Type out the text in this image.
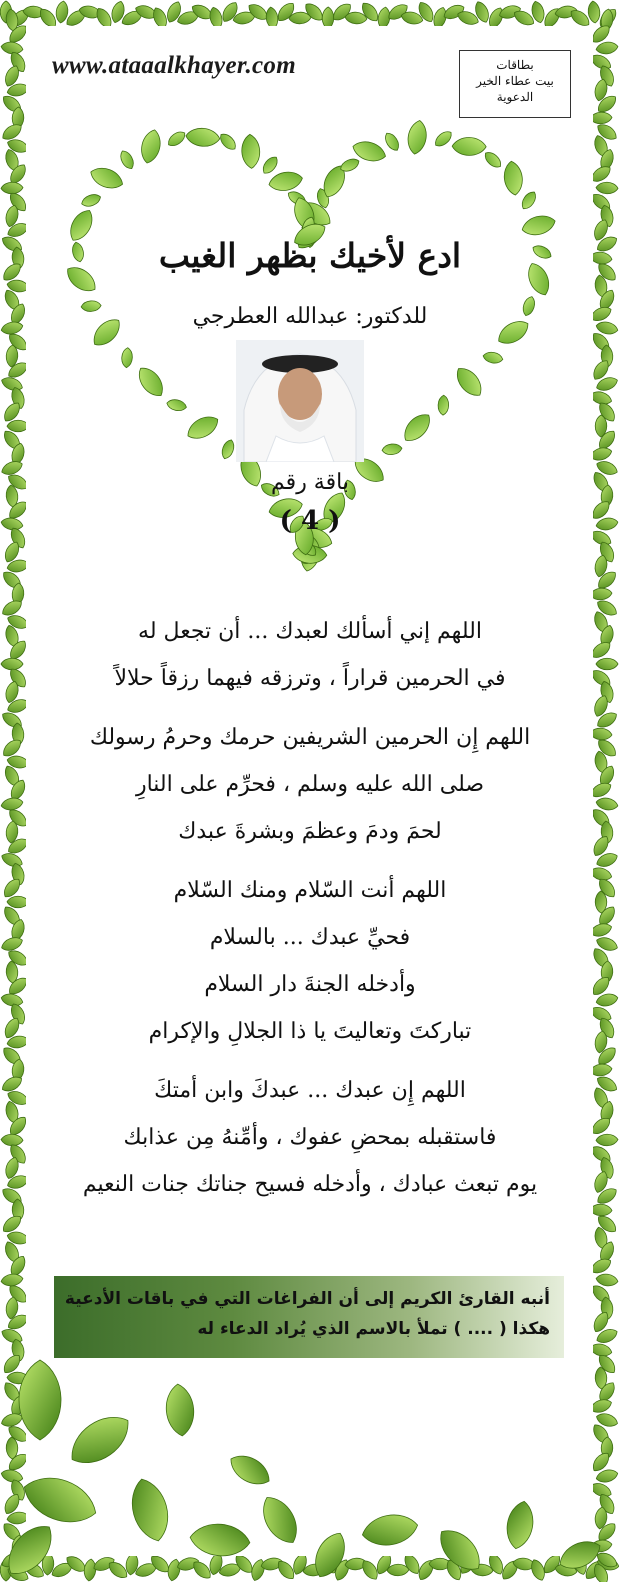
www.ataaalkhayer.com	بطاقات
بيت عطاء الخير
الدعوية
ادع لأخيك بظهر الغيب
للدكتور: عبدالله العطرجي
باقة رقم
( 4 )
اللهم إني أسألك لعبدك ... أن تجعل له
في الحرمين قراراً ، وترزقه فيهما رزقاً حلالاً
اللهم إِن الحرمين الشريفين حرمك وحرمُ رسولك
صلى الله عليه وسلم ، فحرِّم على النارِ
لحمَ ودمَ وعظمَ وبشرةَ عبدك
اللهم أنت السّلام ومنك السّلام
فحيِّ عبدك ... بالسلام
وأدخله الجنةَ دار السلام
تباركتَ وتعاليتَ يا ذا الجلالِ والإكرام
اللهم إِن عبدك ... عبدكَ وابن أمتكَ
فاستقبله بمحضِ عفوك ، وأمِّنهُ مِن عذابك
يوم تبعث عبادك ، وأدخله فسيح جناتك جنات النعيم
أنبه القارئ الكريم إلى أن الفراغات التي في باقات الأدعية
هكذا ( .... ) تملأ بالاسم الذي يُراد الدعاء له
